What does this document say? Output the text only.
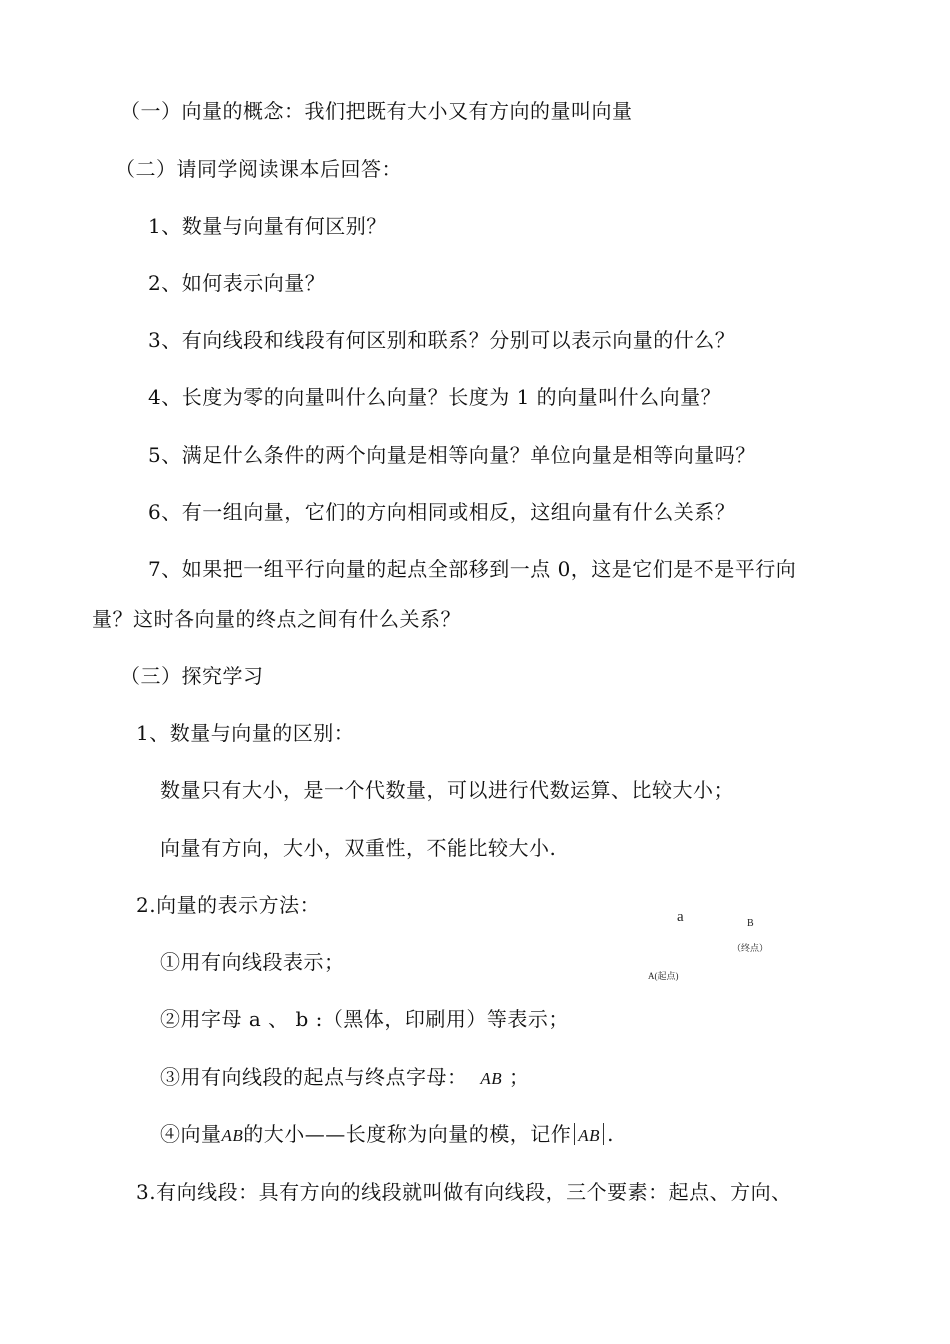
（一）向量的概念：我们把既有大小又有方向的量叫向量
（二）请同学阅读课本后回答：
1、数量与向量有何区别？
2、如何表示向量？
3、有向线段和线段有何区别和联系？分别可以表示向量的什么？
4、长度为零的向量叫什么向量？长度为 1 的向量叫什么向量？
5、满足什么条件的两个向量是相等向量？单位向量是相等向量吗？
6、有一组向量，它们的方向相同或相反，这组向量有什么关系？
7、如果把一组平行向量的起点全部移到一点 0，这是它们是不是平行向
量？这时各向量的终点之间有什么关系？
（三）探究学习
1、数量与向量的区别：
数量只有大小，是一个代数量，可以进行代数运算、比较大小；
向量有方向，大小，双重性，不能比较大小.
2.向量的表示方法：
①用有向线段表示；
②用字母 a 、 b :（黑体，印刷用）等表示；
③用有向线段的起点与终点字母： AB ；
④向量AB的大小——长度称为向量的模，记作 AB .
3.有向线段：具有方向的线段就叫做有向线段，三个要素：起点、方向、
a	B
（终点）
A(起点)
